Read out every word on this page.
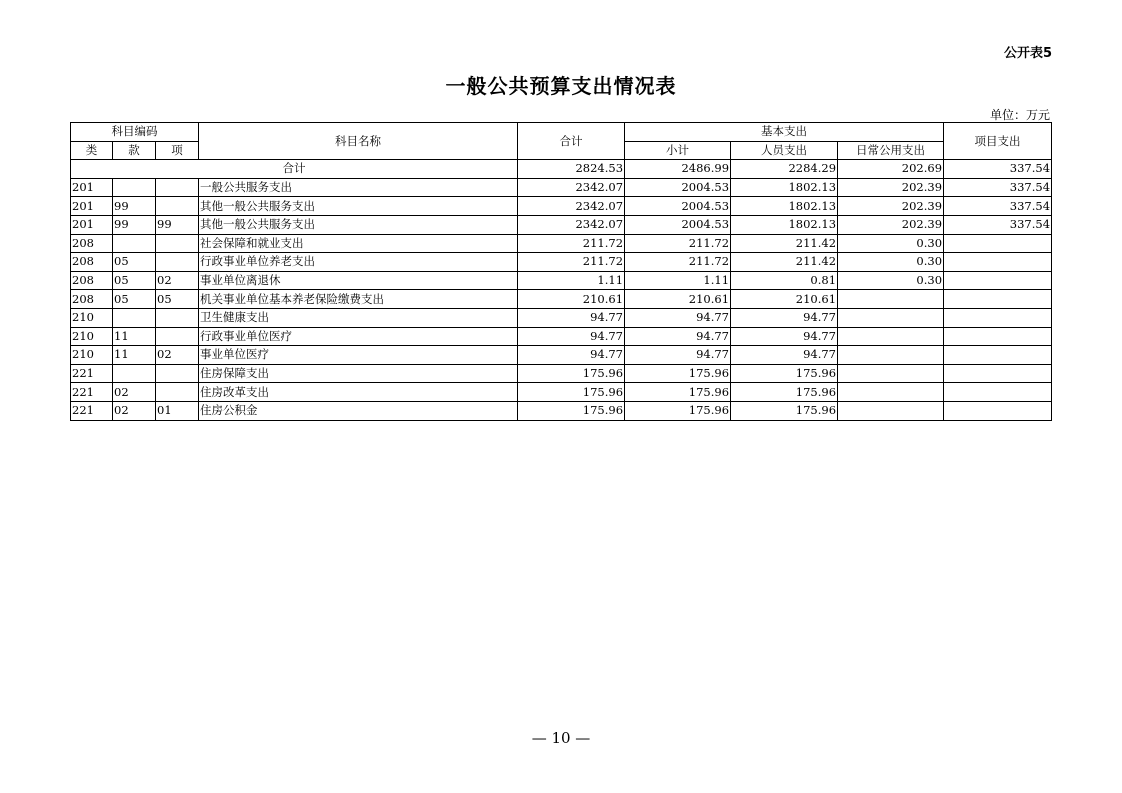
公开表5
一般公共预算支出情况表
单位：万元
科目编码			科目名称	合计	基本支出			项目支出
类	款	项			小计	人员支出	日常公用支出	
合计				2824.53	2486.99	2284.29	202.69	337.54
201			一般公共服务支出	2342.07	2004.53	1802.13	202.39	337.54
201	99		其他一般公共服务支出	2342.07	2004.53	1802.13	202.39	337.54
201	99	99	其他一般公共服务支出	2342.07	2004.53	1802.13	202.39	337.54
208			社会保障和就业支出	211.72	211.72	211.42	0.30	
208	05		行政事业单位养老支出	211.72	211.72	211.42	0.30	
208	05	02	事业单位离退休	1.11	1.11	0.81	0.30	
208	05	05	机关事业单位基本养老保险缴费支出	210.61	210.61	210.61		
210			卫生健康支出	94.77	94.77	94.77		
210	11		行政事业单位医疗	94.77	94.77	94.77		
210	11	02	事业单位医疗	94.77	94.77	94.77		
221			住房保障支出	175.96	175.96	175.96		
221	02		住房改革支出	175.96	175.96	175.96		
221	02	01	住房公积金	175.96	175.96	175.96		
— 10 —
